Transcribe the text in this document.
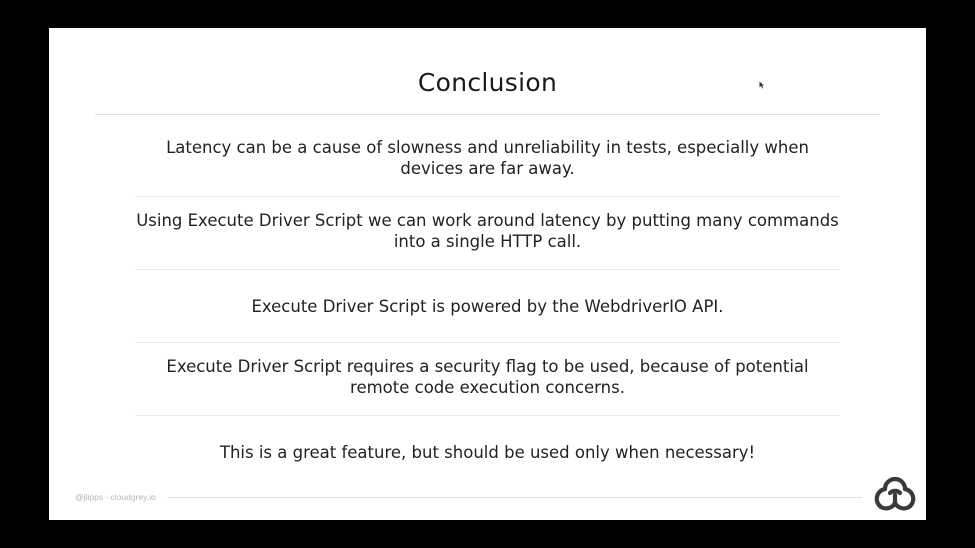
Conclusion
Latency can be a cause of slowness and unreliability in tests, especially when devices are far away.
Using Execute Driver Script we can work around latency by putting many commands into a single HTTP call.
Execute Driver Script is powered by the WebdriverIO API.
Execute Driver Script requires a security flag to be used, because of potential remote code execution concerns.
This is a great feature, but should be used only when necessary!
@jlipps · cloudgrey.io
